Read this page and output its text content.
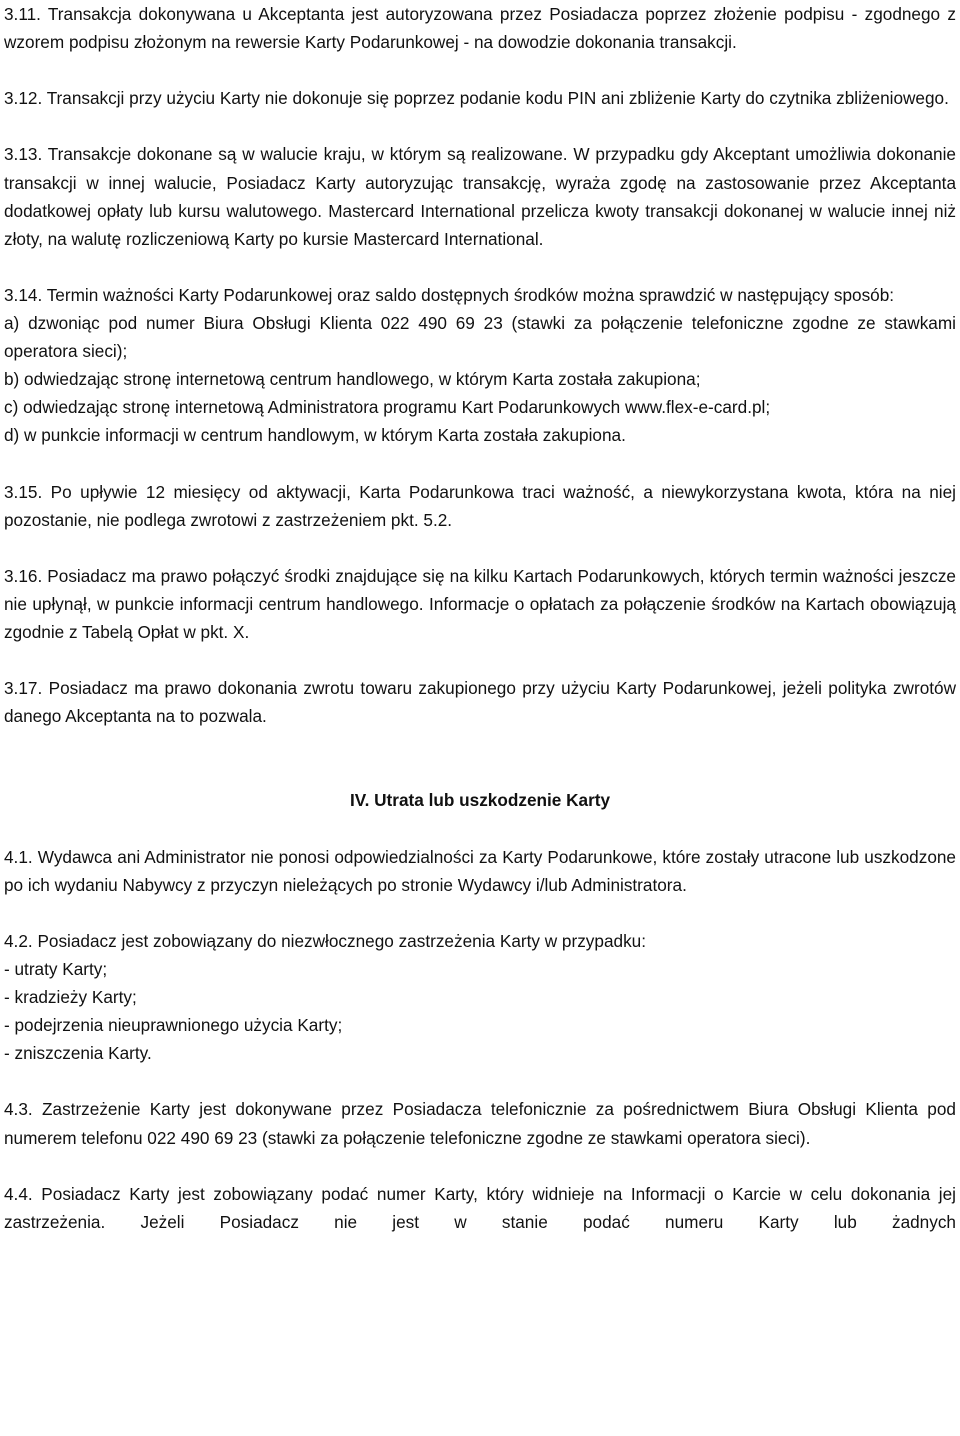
3.11. Transakcja dokonywana u Akceptanta jest autoryzowana przez Posiadacza poprzez złożenie podpisu - zgodnego z wzorem podpisu złożonym na rewersie Karty Podarunkowej - na dowodzie dokonania transakcji.

3.12. Transakcji przy użyciu Karty nie dokonuje się poprzez podanie kodu PIN ani zbliżenie Karty do czytnika zbliżeniowego.

3.13. Transakcje dokonane są w walucie kraju, w którym są realizowane. W przypadku gdy Akceptant umożliwia dokonanie transakcji w innej walucie, Posiadacz Karty autoryzując transakcję, wyraża zgodę na zastosowanie przez Akceptanta dodatkowej opłaty lub kursu walutowego. Mastercard International przelicza kwoty transakcji dokonanej w walucie innej niż złoty, na walutę rozliczeniową Karty po kursie Mastercard International.

3.14. Termin ważności Karty Podarunkowej oraz saldo dostępnych środków można sprawdzić w następujący sposób:

a) dzwoniąc pod numer Biura Obsługi Klienta 022 490 69 23 (stawki za połączenie telefoniczne zgodne ze stawkami operatora sieci);

b) odwiedzając stronę internetową centrum handlowego, w którym Karta została zakupiona;

c) odwiedzając stronę internetową Administratora programu Kart Podarunkowych www.flex-e-card.pl;

d) w punkcie informacji w centrum handlowym, w którym Karta została zakupiona.

3.15. Po upływie 12 miesięcy od aktywacji, Karta Podarunkowa traci ważność, a niewykorzystana kwota, która na niej pozostanie, nie podlega zwrotowi z zastrzeżeniem pkt. 5.2.

3.16. Posiadacz ma prawo połączyć środki znajdujące się na kilku Kartach Podarunkowych, których termin ważności jeszcze nie upłynął, w punkcie informacji centrum handlowego. Informacje o opłatach za połączenie środków na Kartach obowiązują zgodnie z Tabelą Opłat w pkt. X.

3.17. Posiadacz ma prawo dokonania zwrotu towaru zakupionego przy użyciu Karty Podarunkowej, jeżeli polityka zwrotów danego Akceptanta na to pozwala.

IV. Utrata lub uszkodzenie Karty

4.1. Wydawca ani Administrator nie ponosi odpowiedzialności za Karty Podarunkowe, które zostały utracone lub uszkodzone po ich wydaniu Nabywcy z przyczyn nieleżących po stronie Wydawcy i/lub Administratora.

4.2. Posiadacz jest zobowiązany do niezwłocznego zastrzeżenia Karty w przypadku:

- utraty Karty;

- kradzieży Karty;

- podejrzenia nieuprawnionego użycia Karty;

- zniszczenia Karty.

4.3. Zastrzeżenie Karty jest dokonywane przez Posiadacza telefonicznie za pośrednictwem Biura Obsługi Klienta pod numerem telefonu 022 490 69 23 (stawki za połączenie telefoniczne zgodne ze stawkami operatora sieci).

4.4. Posiadacz Karty jest zobowiązany podać numer Karty, który widnieje na Informacji o Karcie w celu dokonania jej zastrzeżenia. Jeżeli Posiadacz nie jest w stanie podać numeru Karty lub żadnych
